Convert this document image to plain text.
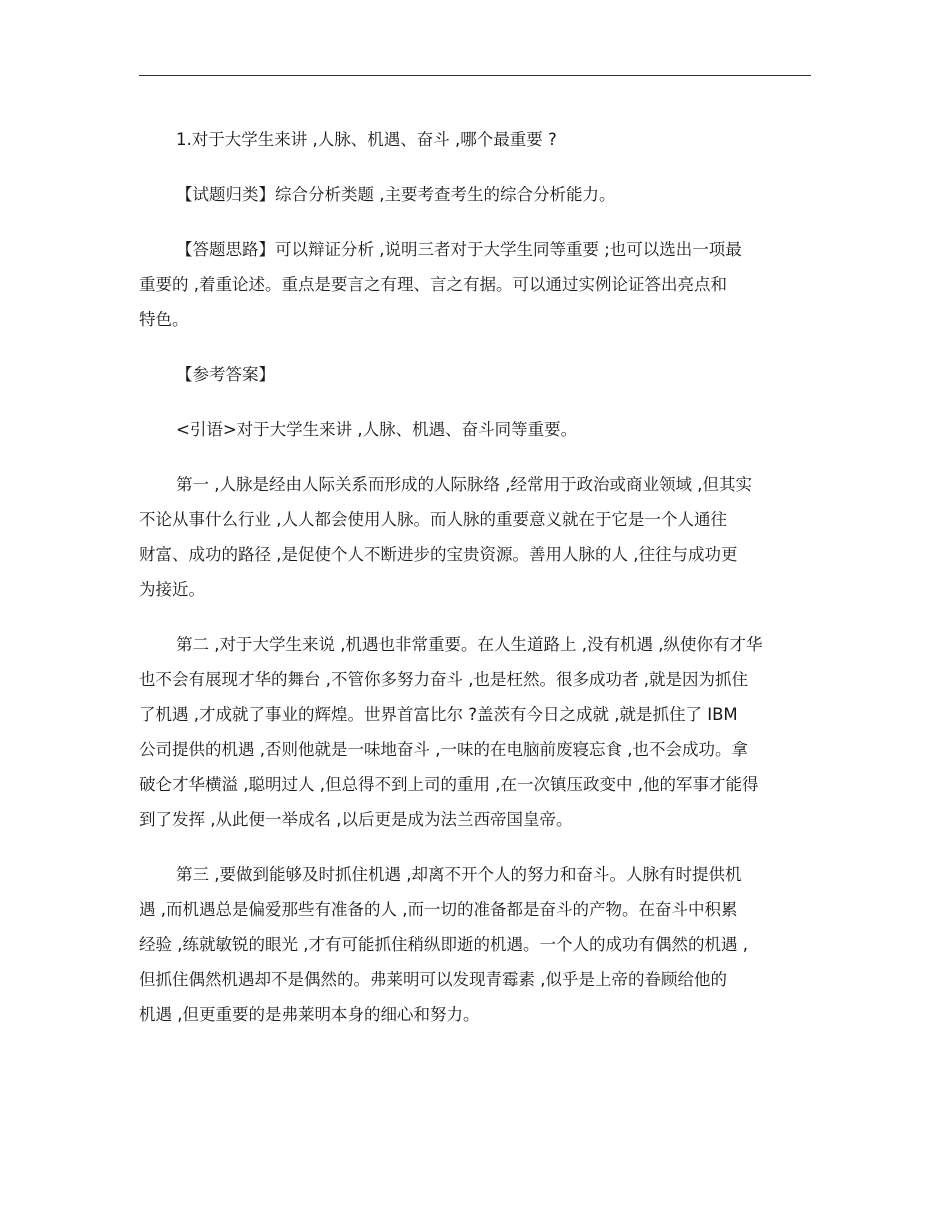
1.对于大学生来讲 ,人脉、机遇、奋斗 ,哪个最重要 ?

【试题归类】综合分析类题 ,主要考查考生的综合分析能力。

【答题思路】可以辩证分析 ,说明三者对于大学生同等重要 ;也可以选出一项最
重要的 ,着重论述。重点是要言之有理、言之有据。可以通过实例论证答出亮点和
特色。

【参考答案】

<引语>对于大学生来讲 ,人脉、机遇、奋斗同等重要。

第一 ,人脉是经由人际关系而形成的人际脉络 ,经常用于政治或商业领域 ,但其实
不论从事什么行业 ,人人都会使用人脉。而人脉的重要意义就在于它是一个人通往
财富、成功的路径 ,是促使个人不断进步的宝贵资源。善用人脉的人 ,往往与成功更
为接近。

第二 ,对于大学生来说 ,机遇也非常重要。在人生道路上 ,没有机遇 ,纵使你有才华
也不会有展现才华的舞台 ,不管你多努力奋斗 ,也是枉然。很多成功者 ,就是因为抓住
了机遇 ,才成就了事业的辉煌。世界首富比尔 ?盖茨有今日之成就 ,就是抓住了 IBM
公司提供的机遇 ,否则他就是一味地奋斗 ,一味的在电脑前废寝忘食 ,也不会成功。拿
破仑才华横溢 ,聪明过人 ,但总得不到上司的重用 ,在一次镇压政变中 ,他的军事才能得
到了发挥 ,从此便一举成名 ,以后更是成为法兰西帝国皇帝。

第三 ,要做到能够及时抓住机遇 ,却离不开个人的努力和奋斗。人脉有时提供机
遇 ,而机遇总是偏爱那些有准备的人 ,而一切的准备都是奋斗的产物。在奋斗中积累
经验 ,练就敏锐的眼光 ,才有可能抓住稍纵即逝的机遇。一个人的成功有偶然的机遇 ,
但抓住偶然机遇却不是偶然的。弗莱明可以发现青霉素 ,似乎是上帝的眷顾给他的
机遇 ,但更重要的是弗莱明本身的细心和努力。
